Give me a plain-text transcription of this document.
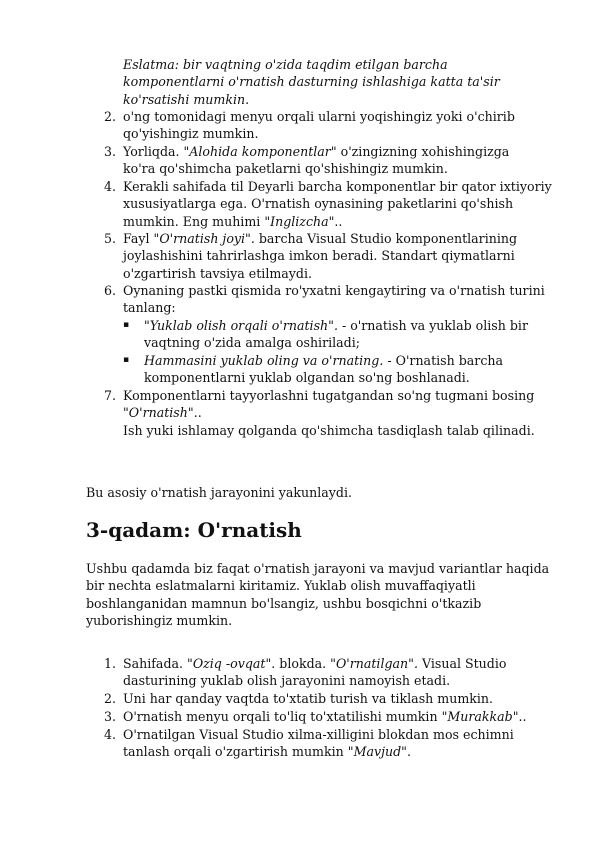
Eslatma: bir vaqtning o'zida taqdim etilgan barcha
komponentlarni o'rnatish dasturning ishlashiga katta ta'sir
ko'rsatishi mumkin.
2. o'ng tomonidagi menyu orqali ularni yoqishingiz yoki o'chirib
qo'yishingiz mumkin.
3. Yorliqda. "Alohida komponentlar" o'zingizning xohishingizga
ko'ra qo'shimcha paketlarni qo'shishingiz mumkin.
4. Kerakli sahifada til Deyarli barcha komponentlar bir qator ixtiyoriy
xususiyatlarga ega. O'rnatish oynasining paketlarini qo'shish
mumkin. Eng muhimi "Inglizcha"..
5. Fayl "O'rnatish joyi". barcha Visual Studio komponentlarining
joylashishini tahrirlashga imkon beradi. Standart qiymatlarni
o'zgartirish tavsiya etilmaydi.
6. Oynaning pastki qismida ro'yxatni kengaytiring va o'rnatish turini
tanlang:
▪ "Yuklab olish orqali o'rnatish". - o'rnatish va yuklab olish bir
vaqtning o'zida amalga oshiriladi;
▪ Hammasini yuklab oling va o'rnating. - O'rnatish barcha
komponentlarni yuklab olgandan so'ng boshlanadi.
7. Komponentlarni tayyorlashni tugatgandan so'ng tugmani bosing
"O'rnatish"..
Ish yuki ishlamay qolganda qo'shimcha tasdiqlash talab qilinadi.
Bu asosiy o'rnatish jarayonini yakunlaydi.
3-qadam: O'rnatish
Ushbu qadamda biz faqat o'rnatish jarayoni va mavjud variantlar haqida
bir nechta eslatmalarni kiritamiz. Yuklab olish muvaffaqiyatli
boshlanganidan mamnun bo'lsangiz, ushbu bosqichni o'tkazib
yuborishingiz mumkin.
1. Sahifada. "Oziq -ovqat". blokda. "O'rnatilgan". Visual Studio
dasturining yuklab olish jarayonini namoyish etadi.
2. Uni har qanday vaqtda to'xtatib turish va tiklash mumkin.
3. O'rnatish menyu orqali to'liq to'xtatilishi mumkin "Murakkab"..
4. O'rnatilgan Visual Studio xilma-xilligini blokdan mos echimni
tanlash orqali o'zgartirish mumkin "Mavjud".
